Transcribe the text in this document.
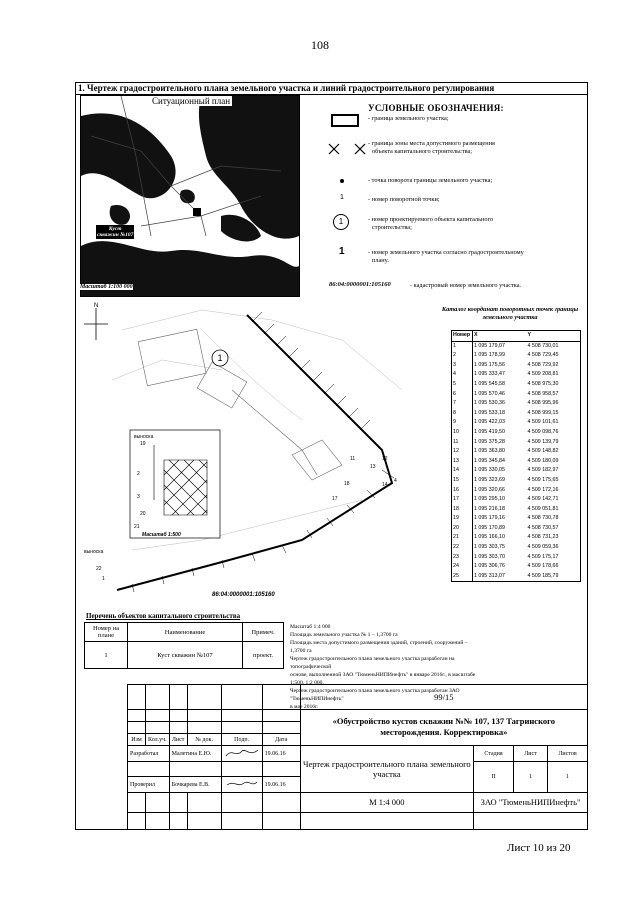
108
1. Чертеж градостроительного плана земельного участка и линий градостроительного регулирования
Ситуационный план
Куст
скважин №107
Масштаб 1:100 000
УСЛОВНЫЕ ОБОЗНАЧЕНИЯ:
- граница земельного участка;
- граница зоны места допустимого размещения
объекта капитального строительства;
- точка поворота границы земельного участка;
1	- номер поворотной точки;
1	- номер проектируемого объекта капитального
строительства;
1	- номер земельного участка согласно градостроительному
плану.
86:04:0000001:105160	- кадастровый номер земельного участка.
N
1
выноска
выноска
Масштаб 1:500
86:04:0000001:105160
12
13
4
14
17
18
11
2
3
20
21
19
22
1
Каталог координат поворотных точек границы земельного участка
Номер	X	Y
1	1 095 179,07	4 508 730,01
2	1 095 178,99	4 508 729,45
3	1 095 175,56	4 508 729,92
4	1 095 333,47	4 509 208,81
5	1 095 545,58	4 508 975,30
6	1 095 570,46	4 508 958,57
7	1 095 530,36	4 508 995,96
8	1 095 533,18	4 508 999,15
9	1 095 422,03	4 509 101,61
10	1 095 419,50	4 509 098,76
11	1 095 375,28	4 509 139,79
12	1 095 363,80	4 509 148,82
13	1 095 345,84	4 509 180,09
14	1 095 330,05	4 509 182,97
15	1 095 323,69	4 509 175,65
16	1 095 320,66	4 509 172,16
17	1 095 295,10	4 509 142,71
18	1 095 216,18	4 509 051,81
19	1 095 179,16	4 508 730,78
20	1 095 170,89	4 508 730,57
21	1 095 166,10	4 508 731,23
22	1 095 303,75	4 509 059,36
23	1 095 303,70	4 509 175,17
24	1 095 306,76	4 509 178,66
25	1 095 313,07	4 509 185,79
Перечень объектов капитального строительства
Номер на плане	Наименование	Примеч.
1	Куст скважин №107	проект.
Масштаб 1:4 000
Площадь земельного участка № 1 – 1,3700 га
Площадь места допустимого размещения зданий, строений, сооружений – 1,3700 га
Чертеж градостроительного плана земельного участка разработан на топографической
основе, выполненной ЗАО "ТюменьНИПИнефть" в январе 2016г., в масштабе 1:500, 1:2 000.
Чертеж градостроительного плана земельного участка разработан ЗАО "ТюменьНИПИнефть"
в мае 2016г.
						99/15			
						«Обустройство кустов скважин №№ 107, 137 Тагринского месторождения. Корректировка»			

Изм	Кол.уч.	Лист	№ док.	Подп.	Дата				
Разработал		Малетина Е.Ю.			19.06.16	Чертеж градостроительного плана земельного участка	Стадия	Лист	Листов
							П	1	1
Проверил		Бочкарева Е.В.			19.06.16				
						М 1:4 000	ЗАО "ТюменьНИПИнефть"		

Лист 10 из 20
